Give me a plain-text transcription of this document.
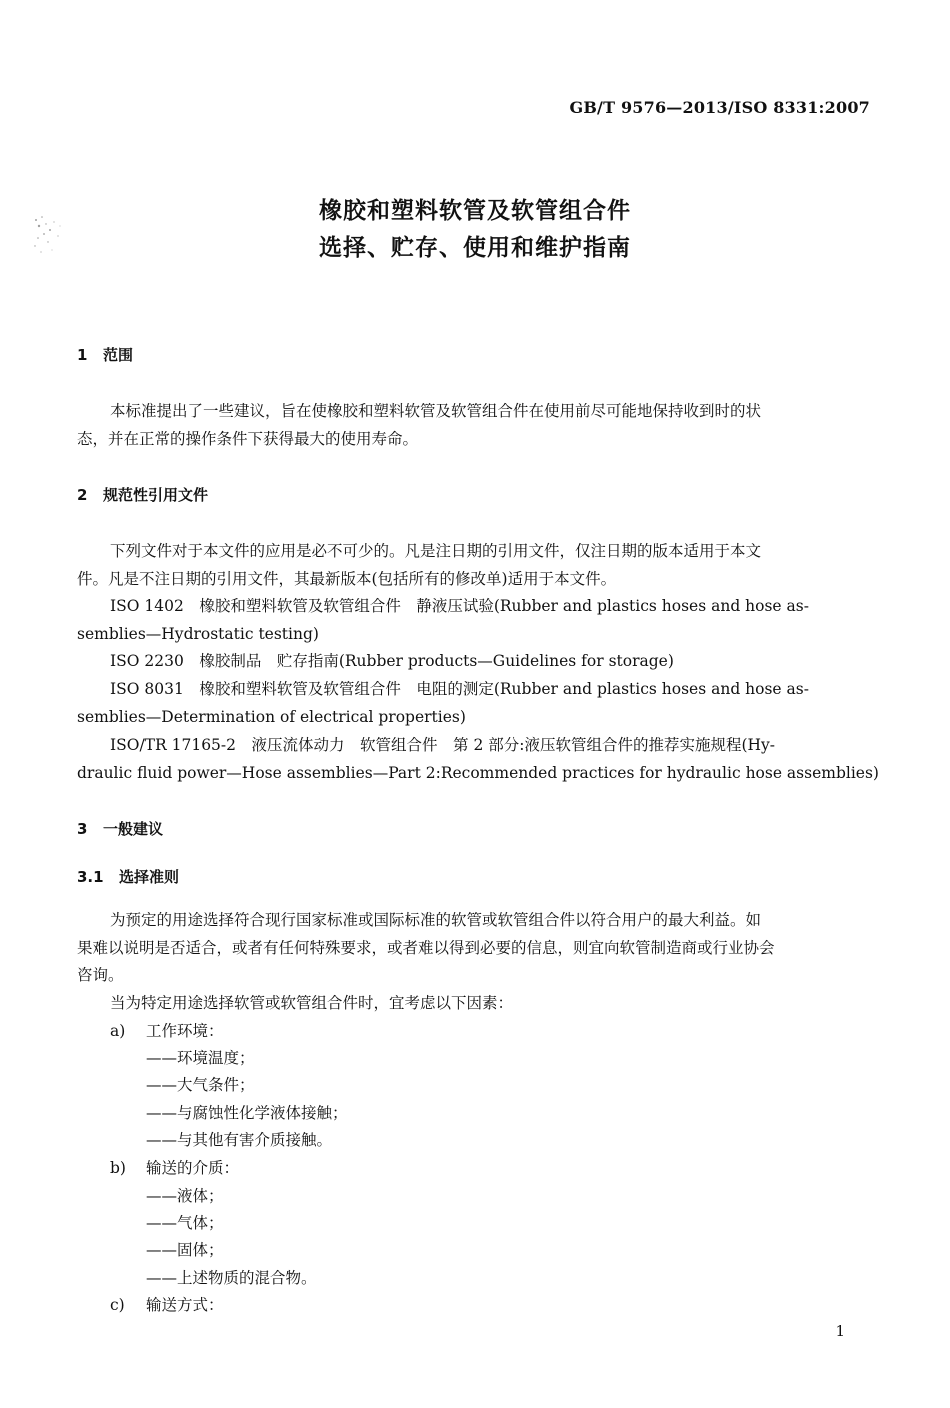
GB/T 9576—2013/ISO 8331:2007
橡胶和塑料软管及软管组合件
选择、贮存、使用和维护指南
1 范围
本标准提出了一些建议，旨在使橡胶和塑料软管及软管组合件在使用前尽可能地保持收到时的状
态，并在正常的操作条件下获得最大的使用寿命。
2 规范性引用文件
下列文件对于本文件的应用是必不可少的。凡是注日期的引用文件，仅注日期的版本适用于本文
件。凡是不注日期的引用文件，其最新版本(包括所有的修改单)适用于本文件。
ISO 1402　橡胶和塑料软管及软管组合件　静液压试验(Rubber and plastics hoses and hose as-
semblies—Hydrostatic testing)
ISO 2230　橡胶制品　贮存指南(Rubber products—Guidelines for storage)
ISO 8031　橡胶和塑料软管及软管组合件　电阻的测定(Rubber and plastics hoses and hose as-
semblies—Determination of electrical properties)
ISO/TR 17165-2　液压流体动力　软管组合件　第 2 部分:液压软管组合件的推荐实施规程(Hy-
draulic fluid power—Hose assemblies—Part 2:Recommended practices for hydraulic hose assemblies)
3 一般建议
3.1 选择准则
为预定的用途选择符合现行国家标准或国际标准的软管或软管组合件以符合用户的最大利益。如
果难以说明是否适合，或者有任何特殊要求，或者难以得到必要的信息，则宜向软管制造商或行业协会
咨询。
当为特定用途选择软管或软管组合件时，宜考虑以下因素：
a) 工作环境：
——环境温度；
——大气条件；
——与腐蚀性化学液体接触；
——与其他有害介质接触。
b) 输送的介质：
——液体；
——气体；
——固体；
——上述物质的混合物。
c) 输送方式：
1
